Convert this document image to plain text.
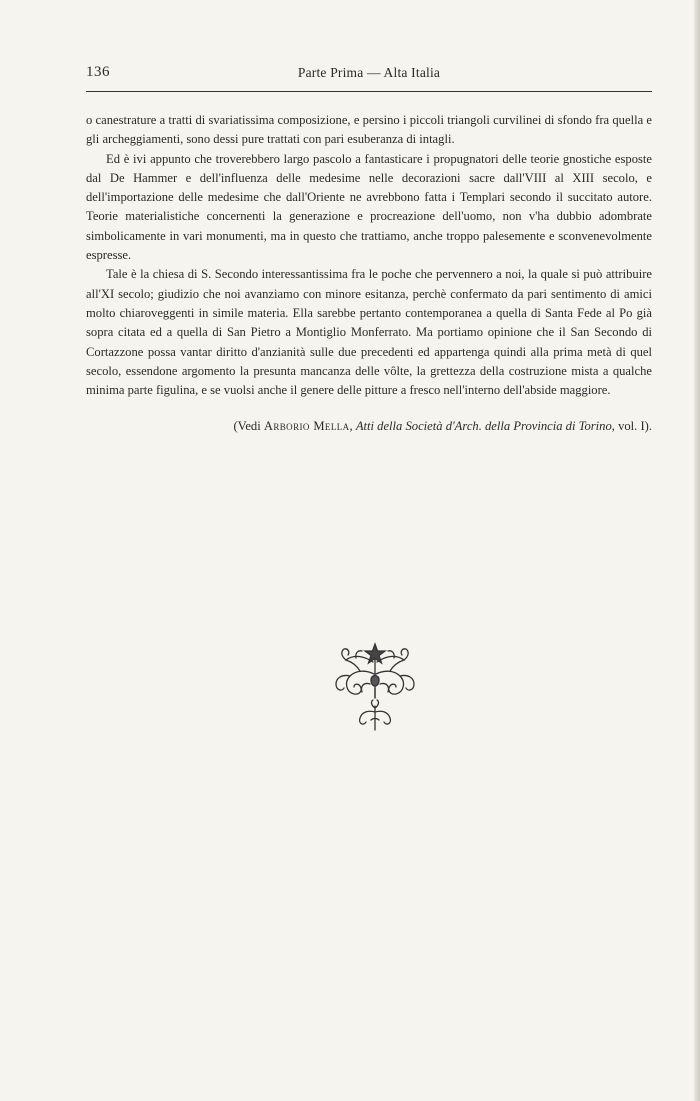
136	Parte Prima — Alta Italia

o canestrature a tratti di svariatissima composizione, e persino i piccoli triangoli curvilinei di sfondo fra quella e gli archeggiamenti, sono dessi pure trattati con pari esuberanza di intagli.

Ed è ivi appunto che troverebbero largo pascolo a fantasticare i propugnatori delle teorie gnostiche esposte dal De Hammer e dell'influenza delle medesime nelle decorazioni sacre dall'VIII al XIII secolo, e dell'importazione delle medesime che dall'Oriente ne avrebbono fatta i Templari secondo il succitato autore. Teorie materialistiche concernenti la generazione e procreazione dell'uomo, non v'ha dubbio adombrate simbolicamente in vari monumenti, ma in questo che trattiamo, anche troppo palesemente e sconvenevolmente espresse.

Tale è la chiesa di S. Secondo interessantissima fra le poche che pervennero a noi, la quale si può attribuire all'XI secolo; giudizio che noi avanziamo con minore esitanza, perchè confermato da pari sentimento di amici molto chiaroveggenti in simile materia. Ella sarebbe pertanto contemporanea a quella di Santa Fede al Po già sopra citata ed a quella di San Pietro a Montiglio Monferrato. Ma portiamo opinione che il San Secondo di Cortazzone possa vantar diritto d'anzianità sulle due precedenti ed appartenga quindi alla prima metà di quel secolo, essendone argomento la presunta mancanza delle vôlte, la grettezza della costruzione mista a qualche minima parte figulina, e se vuolsi anche il genere delle pitture a fresco nell'interno dell'abside maggiore.

(Vedi Arborio Mella, Atti della Società d'Arch. della Provincia di Torino, vol. I).
